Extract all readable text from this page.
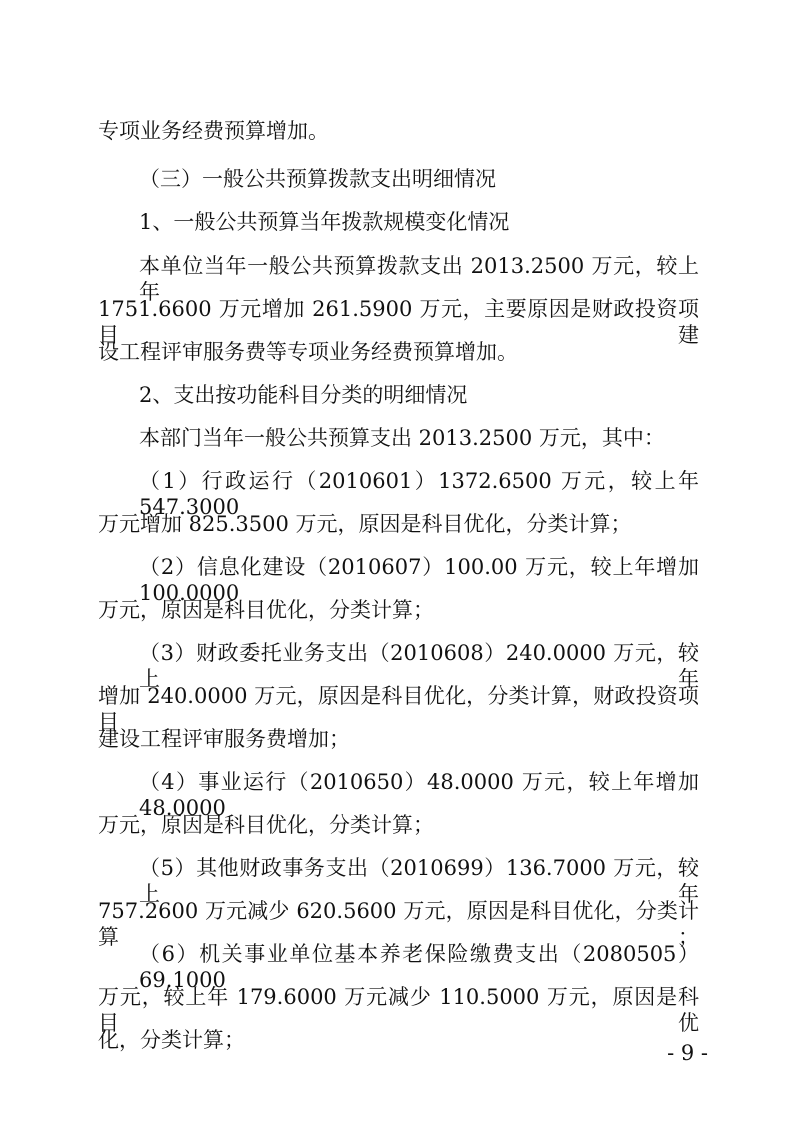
专项业务经费预算增加。

（三）一般公共预算拨款支出明细情况

1、一般公共预算当年拨款规模变化情况

本单位当年一般公共预算拨款支出 2013.2500 万元，较上年

1751.6600 万元增加 261.5900 万元，主要原因是财政投资项目建

设工程评审服务费等专项业务经费预算增加。

2、支出按功能科目分类的明细情况

本部门当年一般公共预算支出 2013.2500 万元，其中：

（1）行政运行（2010601）1372.6500 万元，较上年 547.3000

万元增加 825.3500 万元，原因是科目优化，分类计算；

（2）信息化建设（2010607）100.00 万元，较上年增加 100.0000

万元，原因是科目优化，分类计算；

（3）财政委托业务支出（2010608）240.0000 万元，较上年

增加 240.0000 万元，原因是科目优化，分类计算，财政投资项目

建设工程评审服务费增加；

（4）事业运行（2010650）48.0000 万元，较上年增加 48.0000

万元，原因是科目优化，分类计算；

（5）其他财政事务支出（2010699）136.7000 万元，较上年

757.2600 万元减少 620.5600 万元，原因是科目优化，分类计算；

（6）机关事业单位基本养老保险缴费支出（2080505）69.1000

万元，较上年 179.6000 万元减少 110.5000 万元，原因是科目优

化，分类计算；

- 9 -
